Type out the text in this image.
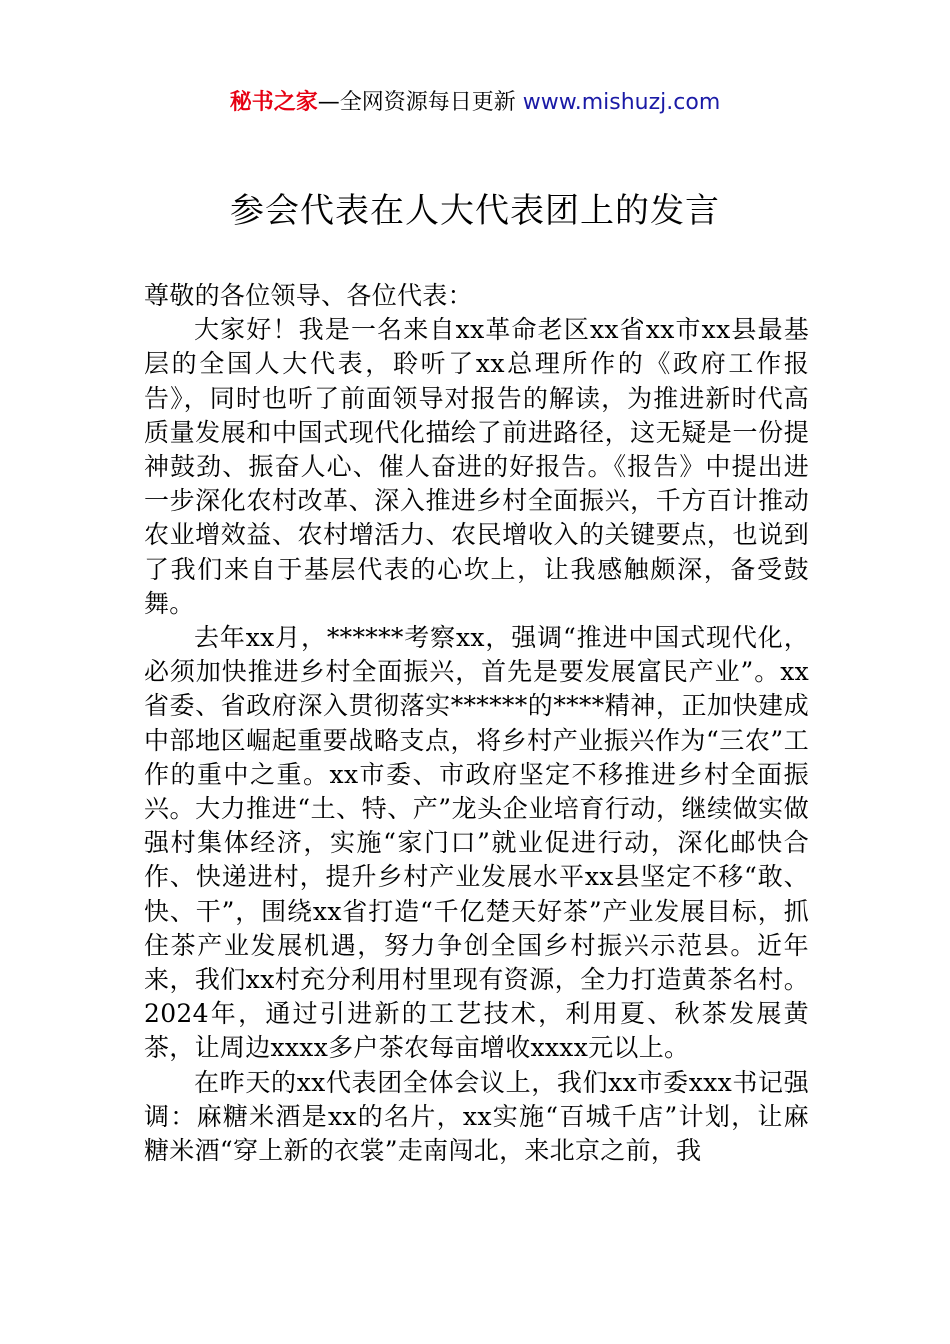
秘书之家—全网资源每日更新 www.mishuzj.com
参会代表在人大代表团上的发言

尊敬的各位领导、各位代表：

大家好！我是一名来自xx革命老区xx省xx市xx县最基层的全国人大代表，聆听了xx总理所作的《政府工作报告》，同时也听了前面领导对报告的解读，为推进新时代高质量发展和中国式现代化描绘了前进路径，这无疑是一份提神鼓劲、振奋人心、催人奋进的好报告。《报告》中提出进一步深化农村改革、深入推进乡村全面振兴，千方百计推动农业增效益、农村增活力、农民增收入的关键要点，也说到了我们来自于基层代表的心坎上，让我感触颇深，备受鼓舞。

去年xx月，******考察xx，强调“推进中国式现代化，必须加快推进乡村全面振兴，首先是要发展富民产业”。xx省委、省政府深入贯彻落实******的****精神，正加快建成中部地区崛起重要战略支点，将乡村产业振兴作为“三农”工作的重中之重。xx市委、市政府坚定不移推进乡村全面振兴。大力推进“土、特、产”龙头企业培育行动，继续做实做强村集体经济，实施“家门口”就业促进行动，深化邮快合作、快递进村，提升乡村产业发展水平xx县坚定不移“敢、快、干”，围绕xx省打造“千亿楚天好茶”产业发展目标，抓住茶产业发展机遇，努力争创全国乡村振兴示范县。近年来，我们xx村充分利用村里现有资源，全力打造黄茶名村。2024年，通过引进新的工艺技术，利用夏、秋茶发展黄茶，让周边xxxx多户茶农每亩增收xxxx元以上。

在昨天的xx代表团全体会议上，我们xx市委xxx书记强调：麻糖米酒是xx的名片，xx实施“百城千店”计划，让麻糖米酒“穿上新的衣裳”走南闯北，来北京之前，我
